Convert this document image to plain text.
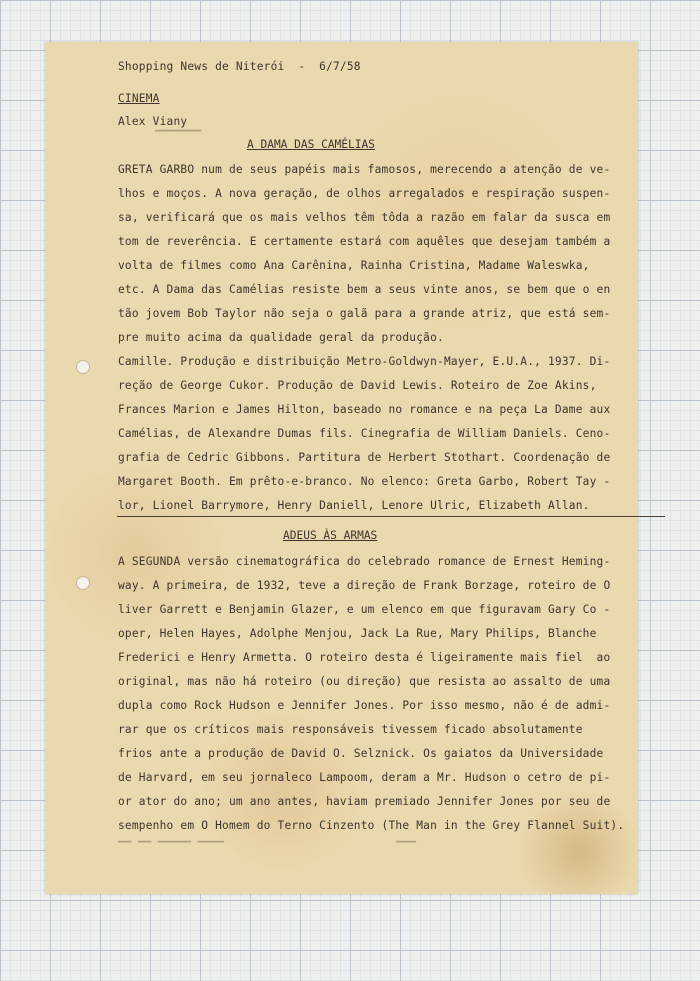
Shopping News de Niterói  -  6/7/58
CINEMA
Alex Viany
▔▔▔▔▔▔▔
A DAMA DAS CAMÉLIAS
GRETA GARBO num de seus papéis mais famosos, merecendo a atenção de ve-
lhos e moços. A nova geração, de olhos arregalados e respiração suspen-
sa, verificará que os mais velhos têm tôda a razão em falar da susca em
tom de reverência. E certamente estará com aquêles que desejam também a
volta de filmes como Ana Carênina, Rainha Cristina, Madame Waleswka,
etc. A Dama das Camélias resiste bem a seus vinte anos, se bem que o en
tão jovem Bob Taylor não seja o galã para a grande atriz, que está sem-
pre muito acima da qualidade geral da produção.
Camille. Produção e distribuição Metro-Goldwyn-Mayer, E.U.A., 1937. Di-
reção de George Cukor. Produção de David Lewis. Roteiro de Zoe Akins,
Frances Marion e James Hilton, baseado no romance e na peça La Dame aux
Camélias, de Alexandre Dumas fils. Cinegrafia de William Daniels. Ceno-
grafia de Cedric Gibbons. Partitura de Herbert Stothart. Coordenação de
Margaret Booth. Em prêto-e-branco. No elenco: Greta Garbo, Robert Tay -
lor, Lionel Barrymore, Henry Daniell, Lenore Ulric, Elizabeth Allan.
ADEUS ÀS ARMAS
A SEGUNDA versão cinematográfica do celebrado romance de Ernest Heming-
way. A primeira, de 1932, teve a direção de Frank Borzage, roteiro de O
liver Garrett e Benjamin Glazer, e um elenco em que figuravam Gary Co -
oper, Helen Hayes, Adolphe Menjou, Jack La Rue, Mary Philips, Blanche
Frederici e Henry Armetta. O roteiro desta é ligeiramente mais fiel  ao
original, mas não há roteiro (ou direção) que resista ao assalto de uma
dupla como Rock Hudson e Jennifer Jones. Por isso mesmo, não é de admi-
rar que os críticos mais responsáveis tivessem ficado absolutamente
frios ante a produção de David O. Selznick. Os gaiatos da Universidade
de Harvard, em seu jornaleco Lampoom, deram a Mr. Hudson o cetro de pi-
or ator do ano; um ano antes, haviam premiado Jennifer Jones por seu de
sempenho em O Homem do Terno Cinzento (The Man in the Grey Flannel Suit).
▔▔ ▔▔ ▔▔▔▔▔ ▔▔▔▔                          ▔▔▔
